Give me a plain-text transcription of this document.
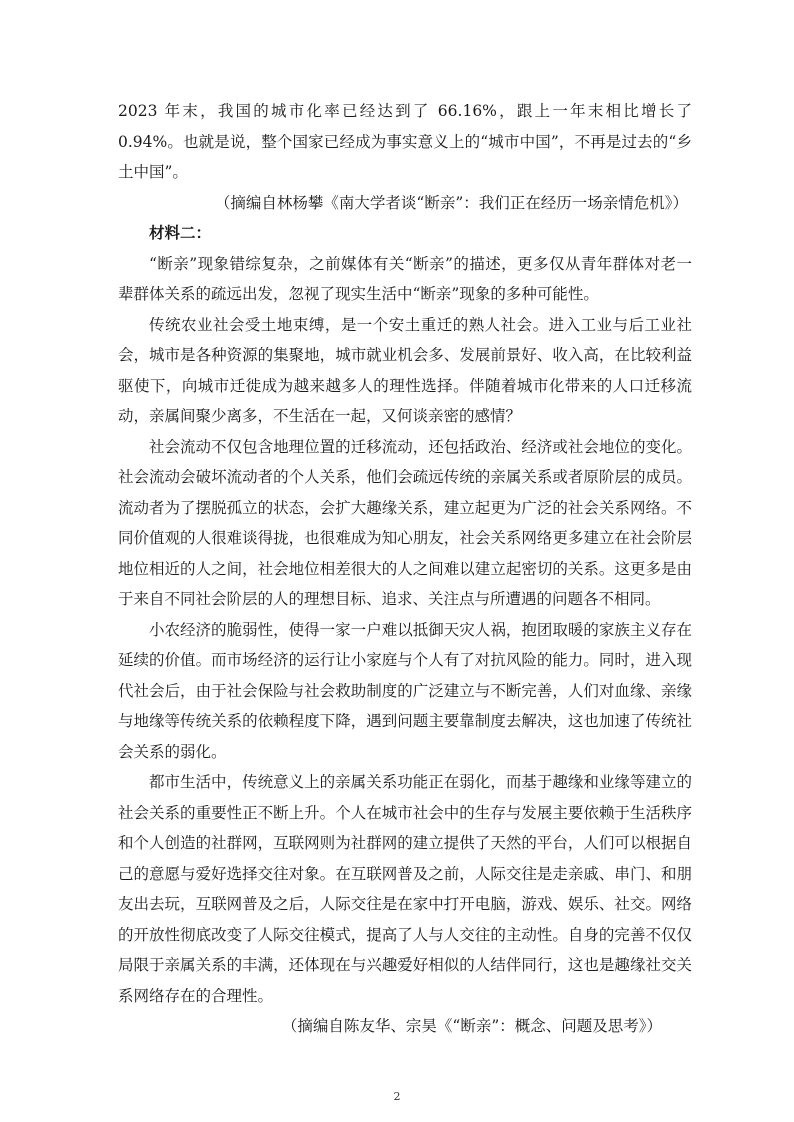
2023 年末，我国的城市化率已经达到了 66.16%，跟上一年末相比增长了 0.94%。也就是说，整个国家已经成为事实意义上的“城市中国”，不再是过去的“乡土中国”。

（摘编自林杨攀《南大学者谈“断亲”：我们正在经历一场亲情危机》）

材料二：

“断亲”现象错综复杂，之前媒体有关“断亲”的描述，更多仅从青年群体对老一辈群体关系的疏远出发，忽视了现实生活中“断亲”现象的多种可能性。

传统农业社会受土地束缚，是一个安土重迁的熟人社会。进入工业与后工业社会，城市是各种资源的集聚地，城市就业机会多、发展前景好、收入高，在比较利益驱使下，向城市迁徙成为越来越多人的理性选择。伴随着城市化带来的人口迁移流动，亲属间聚少离多，不生活在一起，又何谈亲密的感情？

社会流动不仅包含地理位置的迁移流动，还包括政治、经济或社会地位的变化。社会流动会破坏流动者的个人关系，他们会疏远传统的亲属关系或者原阶层的成员。流动者为了摆脱孤立的状态，会扩大趣缘关系，建立起更为广泛的社会关系网络。不同价值观的人很难谈得拢，也很难成为知心朋友，社会关系网络更多建立在社会阶层地位相近的人之间，社会地位相差很大的人之间难以建立起密切的关系。这更多是由于来自不同社会阶层的人的理想目标、追求、关注点与所遭遇的问题各不相同。

小农经济的脆弱性，使得一家一户难以抵御天灾人祸，抱团取暖的家族主义存在延续的价值。而市场经济的运行让小家庭与个人有了对抗风险的能力。同时，进入现代社会后，由于社会保险与社会救助制度的广泛建立与不断完善，人们对血缘、亲缘与地缘等传统关系的依赖程度下降，遇到问题主要靠制度去解决，这也加速了传统社会关系的弱化。

都市生活中，传统意义上的亲属关系功能正在弱化，而基于趣缘和业缘等建立的社会关系的重要性正不断上升。个人在城市社会中的生存与发展主要依赖于生活秩序和个人创造的社群网，互联网则为社群网的建立提供了天然的平台，人们可以根据自己的意愿与爱好选择交往对象。在互联网普及之前，人际交往是走亲戚、串门、和朋友出去玩，互联网普及之后，人际交往是在家中打开电脑，游戏、娱乐、社交。网络的开放性彻底改变了人际交往模式，提高了人与人交往的主动性。自身的完善不仅仅局限于亲属关系的丰满，还体现在与兴趣爱好相似的人结伴同行，这也是趣缘社交关系网络存在的合理性。

（摘编自陈友华、宗昊《“断亲”：概念、问题及思考》）

2
